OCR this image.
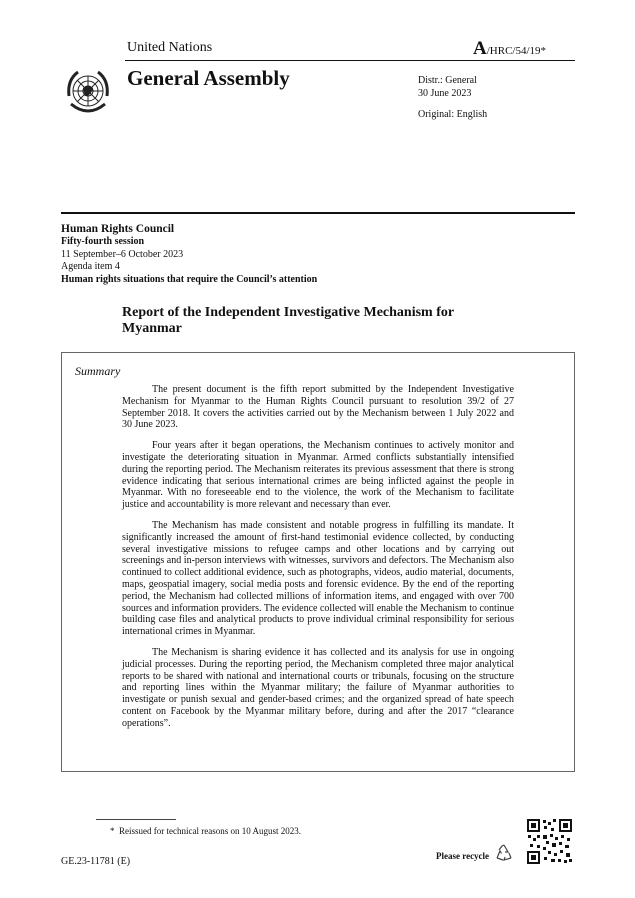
United Nations	A/HRC/54/19*
General Assembly	Distr.: General
30 June 2023
Original: English
Human Rights Council
Fifty-fourth session
11 September–6 October 2023
Agenda item 4
Human rights situations that require the Council’s attention
Report of the Independent Investigative Mechanism for Myanmar
Summary

The present document is the fifth report submitted by the Independent Investigative Mechanism for Myanmar to the Human Rights Council pursuant to resolution 39/2 of 27 September 2018. It covers the activities carried out by the Mechanism between 1 July 2022 and 30 June 2023.

Four years after it began operations, the Mechanism continues to actively monitor and investigate the deteriorating situation in Myanmar. Armed conflicts substantially intensified during the reporting period. The Mechanism reiterates its previous assessment that there is strong evidence indicating that serious international crimes are being inflicted against the people in Myanmar. With no foreseeable end to the violence, the work of the Mechanism to facilitate justice and accountability is more relevant and necessary than ever.

The Mechanism has made consistent and notable progress in fulfilling its mandate. It significantly increased the amount of first-hand testimonial evidence collected, by conducting several investigative missions to refugee camps and other locations and by carrying out screenings and in-person interviews with witnesses, survivors and defectors. The Mechanism also continued to collect additional evidence, such as photographs, videos, audio material, documents, maps, geospatial imagery, social media posts and forensic evidence. By the end of the reporting period, the Mechanism had collected millions of information items, and engaged with over 700 sources and information providers. The evidence collected will enable the Mechanism to continue building case files and analytical products to prove individual criminal responsibility for serious international crimes in Myanmar.

The Mechanism is sharing evidence it has collected and its analysis for use in ongoing judicial processes. During the reporting period, the Mechanism completed three major analytical reports to be shared with national and international courts or tribunals, focusing on the structure and reporting lines within the Myanmar military; the failure of Myanmar authorities to investigate or punish sexual and gender-based crimes; and the organized spread of hate speech content on Facebook by the Myanmar military before, during and after the 2017 “clearance operations”.

* Reissued for technical reasons on 10 August 2023.
GE.23-11781 (E)	Please recycle
